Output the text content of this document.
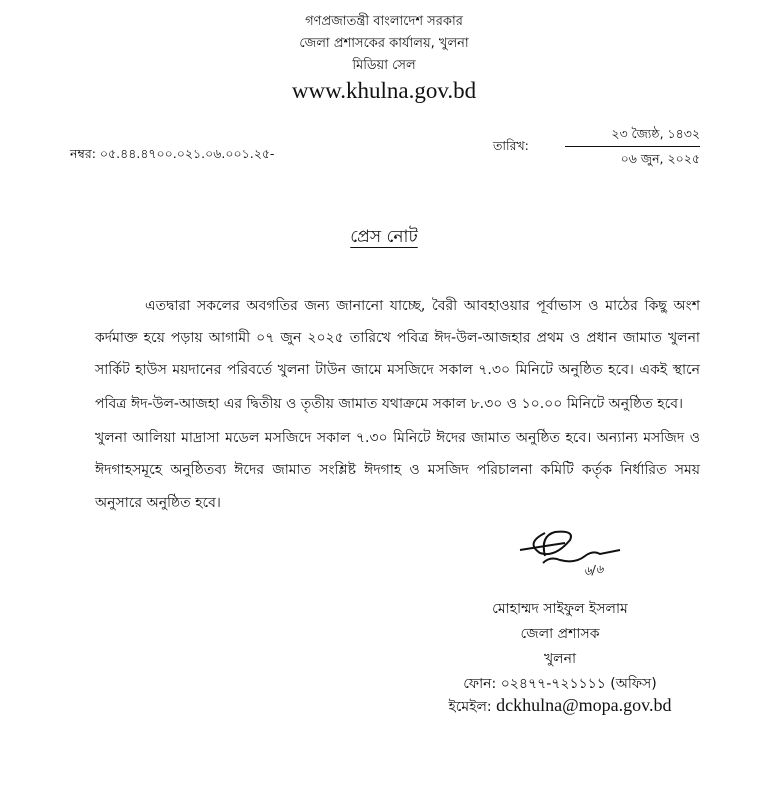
গণপ্রজাতন্ত্রী বাংলাদেশ সরকার
জেলা প্রশাসকের কার্যালয়, খুলনা
মিডিয়া সেল
www.khulna.gov.bd
নম্বর: ০৫.৪৪.৪৭০০.০২১.০৬.০০১.২৫-
তারিখ:
২৩ জ্যৈষ্ঠ, ১৪৩২
০৬ জুন, ২০২৫
প্রেস নোট
এতদ্বারা সকলের অবগতির জন্য জানানো যাচ্ছে, বৈরী আবহাওয়ার পূর্বাভাস ও মাঠের কিছু অংশ
কর্দমাক্ত হয়ে পড়ায় আগামী ০৭ জুন ২০২৫ তারিখে পবিত্র ঈদ-উল-আজহার প্রথম ও প্রধান জামাত খুলনা
সার্কিট হাউস ময়দানের পরিবর্তে খুলনা টাউন জামে মসজিদে সকাল ৭.৩০ মিনিটে অনুষ্ঠিত হবে। একই স্থানে
পবিত্র ঈদ-উল-আজহা এর দ্বিতীয় ও তৃতীয় জামাত যথাক্রমে সকাল ৮.৩০ ও ১০.০০ মিনিটে অনুষ্ঠিত হবে।
খুলনা আলিয়া মাদ্রাসা মডেল মসজিদে সকাল ৭.৩০ মিনিটে ঈদের জামাত অনুষ্ঠিত হবে। অন্যান্য মসজিদ ও
ঈদগাহসমূহে অনুষ্ঠিতব্য ঈদের জামাত সংশ্লিষ্ট ঈদগাহ ও মসজিদ পরিচালনা কমিটি কর্তৃক নির্ধারিত সময়
অনুসারে অনুষ্ঠিত হবে।
৬/৬
মোহাম্মদ সাইফুল ইসলাম
জেলা প্রশাসক
খুলনা
ফোন: ০২৪৭৭-৭২১১১১ (অফিস)
ইমেইল: dckhulna@mopa.gov.bd
